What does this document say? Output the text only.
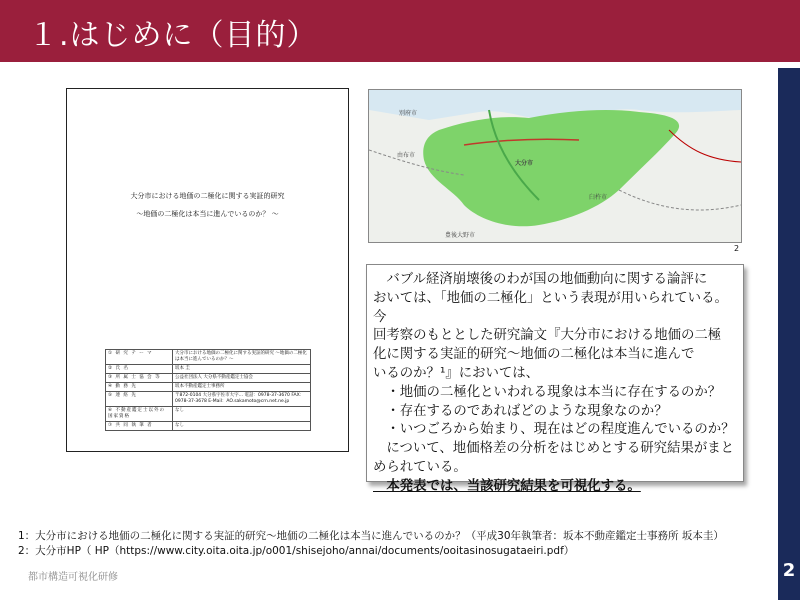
１.はじめに（目的）
2
大分市における地価の二極化に関する実証的研究
～地価の二極化は本当に進んでいるのか？ ～
① 研 究 テ ー マ	大分市における地価の二極化に関する実証的研究 ～地価の二極化は本当に進んでいるのか？～
② 氏 名	坂本 圭
③ 所 属 士 協 会 等	公益社団法人 大分県不動産鑑定士協会
④ 勤 務 先	坂本不動産鑑定士事務所
⑤ 連 絡 先	〒872-0104 大分県宇佐市大字… 電話：0978-37-3670 FAX：0978-37-3678 E-Mail：AO.sakamoto@crn.net.ne.jp
⑥ 不動産鑑定士以外の国家資格	なし
⑦ 共 同 執 筆 者	なし
別府市
由布市
臼杵市
豊後大野市
大分市
2

　バブル経済崩壊後のわが国の地価動向に関する論評に

おいては、「地価の二極化」という表現が用いられている。今

回考察のもととした研究論文『大分市における地価の二極

化に関する実証的研究～地価の二極化は本当に進んで

いるのか？¹』においては、

　・地価の二極化といわれる現象は本当に存在するのか？

　・存在するのであればどのような現象なのか？

　・いつごろから始まり、現在はどの程度進んでいるのか？

　について、地価格差の分析をはじめとする研究結果がまと

められている。

　本発表では、当該研究結果を可視化する。

1：大分市における地価の二極化に関する実証的研究～地価の二極化は本当に進んでいるのか？（平成30年執筆者：坂本不動産鑑定士事務所 坂本圭）
2：大分市HP（ HP（https://www.city.oita.oita.jp/o001/shisejoho/annai/documents/ooitasinosugataeiri.pdf）
都市構造可視化研修
